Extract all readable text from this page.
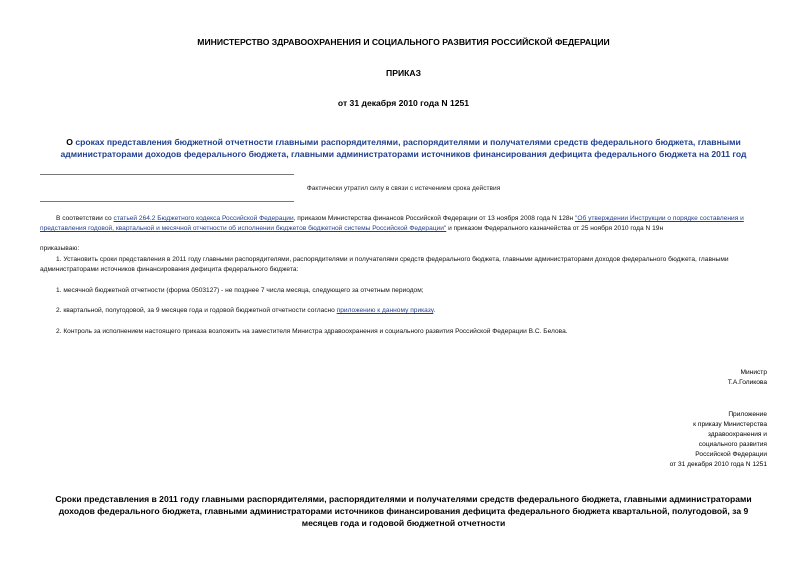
МИНИСТЕРСТВО ЗДРАВООХРАНЕНИЯ И СОЦИАЛЬНОГО РАЗВИТИЯ РОССИЙСКОЙ ФЕДЕРАЦИИ
ПРИКАЗ
от 31 декабря 2010 года N 1251
О сроках представления бюджетной отчетности главными распорядителями, распорядителями и получателями средств федерального бюджета, главными администраторами доходов федерального бюджета, главными администраторами источников финансирования дефицита федерального бюджета на 2011 год
Фактически утратил силу в связи с истечением срока действия
В соответствии со статьей 264.2 Бюджетного кодекса Российской Федерации, приказом Министерства финансов Российской Федерации от 13 ноября 2008 года N 128н "Об утверждении Инструкции о порядке составления и представления годовой, квартальной и месячной отчетности об исполнении бюджетов бюджетной системы Российской Федерации" и приказом Федерального казначейства от 25 ноября 2010 года N 19н
приказываю:
1. Установить сроки представления в 2011 году главными распорядителями, распорядителями и получателями средств федерального бюджета, главными администраторами доходов федерального бюджета, главными администраторами источников финансирования дефицита федерального бюджета:
1. месячной бюджетной отчетности (форма 0503127) - не позднее 7 числа месяца, следующего за отчетным периодом;
2. квартальной, полугодовой, за 9 месяцев года и годовой бюджетной отчетности согласно приложению к данному приказу.
2. Контроль за исполнением настоящего приказа возложить на заместителя Министра здравоохранения и социального развития Российской Федерации В.С. Белова.
Министр
Т.А.Голикова
Приложение
к приказу Министерства
здравоохранения и
социального развития
Российской Федерации
от 31 декабря 2010 года N 1251
Сроки представления в 2011 году главными распорядителями, распорядителями и получателями средств федерального бюджета, главными администраторами доходов федерального бюджета, главными администраторами источников финансирования дефицита федерального бюджета квартальной, полугодовой, за 9 месяцев года и годовой бюджетной отчетности
